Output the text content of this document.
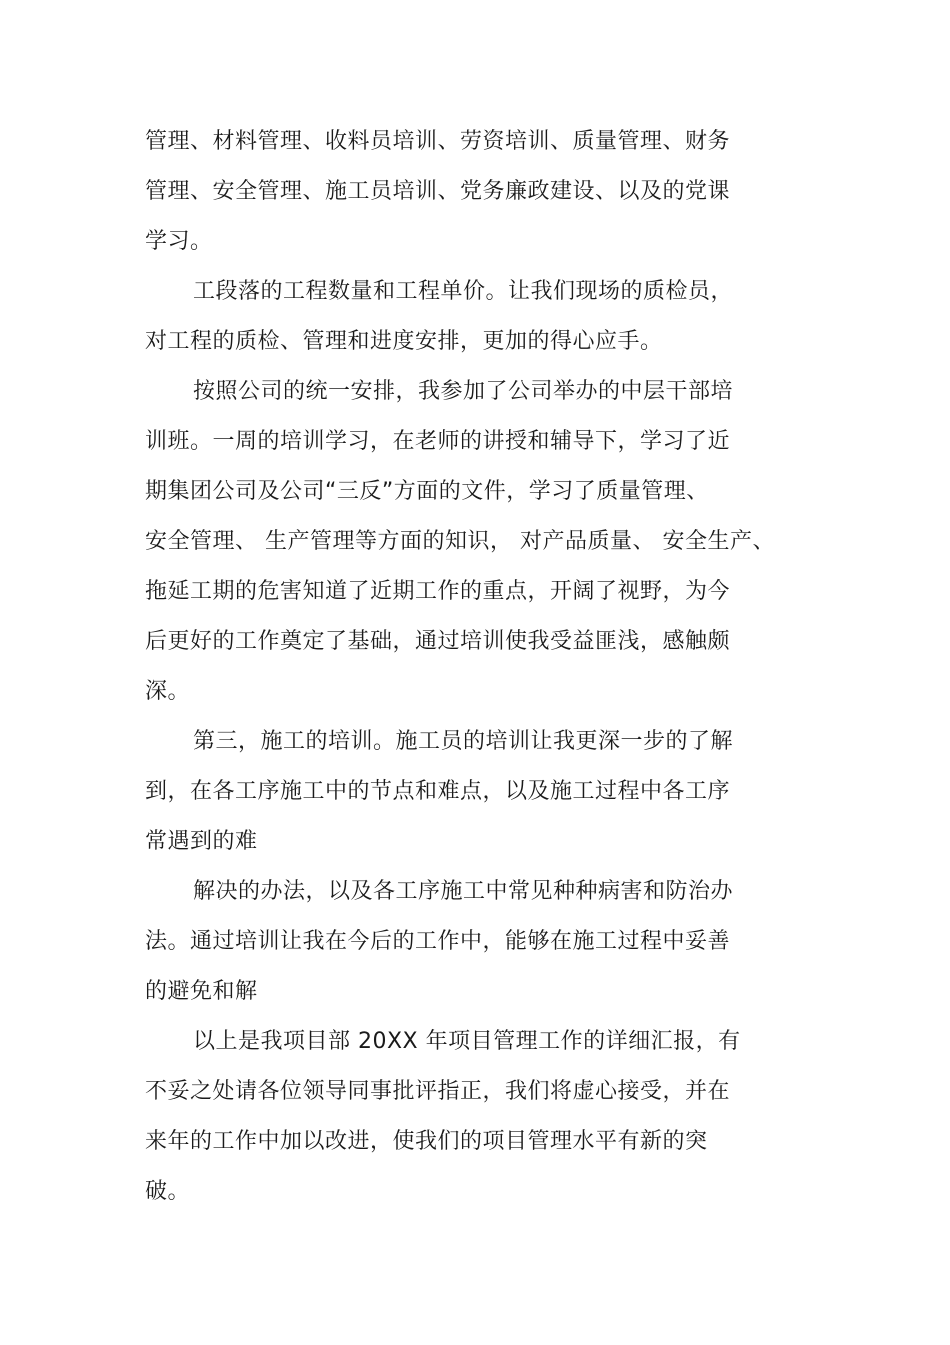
管理、材料管理、收料员培训、劳资培训、质量管理、财务
管理、安全管理、施工员培训、党务廉政建设、以及的党课
学习。
工段落的工程数量和工程单价。让我们现场的质检员，
对工程的质检、管理和进度安排，更加的得心应手。
按照公司的统一安排，我参加了公司举办的中层干部培
训班。一周的培训学习，在老师的讲授和辅导下，学习了近
期集团公司及公司“三反”方面的文件，学习了质量管理、
安全管理、 生产管理等方面的知识， 对产品质量、 安全生产、
拖延工期的危害知道了近期工作的重点，开阔了视野，为今
后更好的工作奠定了基础，通过培训使我受益匪浅，感触颇
深。
第三，施工的培训。施工员的培训让我更深一步的了解
到，在各工序施工中的节点和难点，以及施工过程中各工序
常遇到的难
解决的办法，以及各工序施工中常见种种病害和防治办
法。通过培训让我在今后的工作中，能够在施工过程中妥善
的避免和解
以上是我项目部 20XX 年项目管理工作的详细汇报，有
不妥之处请各位领导同事批评指正，我们将虚心接受，并在
来年的工作中加以改进，使我们的项目管理水平有新的突
破。
